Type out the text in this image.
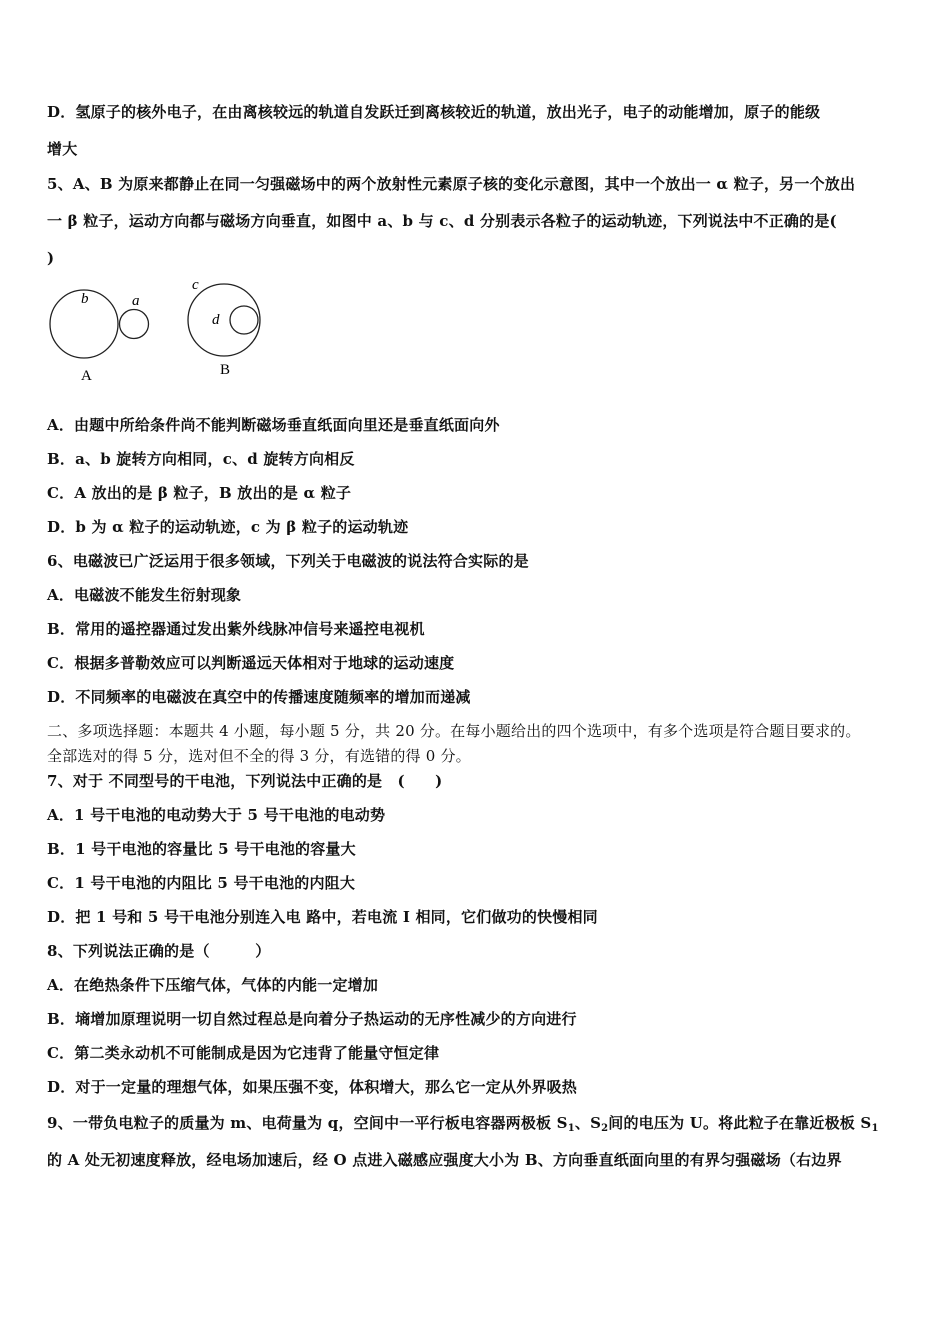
D．氢原子的核外电子，在由离核较远的轨道自发跃迁到离核较近的轨道，放出光子，电子的动能增加，原子的能级
增大
5、A、B 为原来都静止在同一匀强磁场中的两个放射性元素原子核的变化示意图，其中一个放出一 α 粒子，另一个放出
一 β 粒子，运动方向都与磁场方向垂直，如图中 a、b 与 c、d 分别表示各粒子的运动轨迹，下列说法中不正确的是(
)
b	a
c
d
A	B
A．由题中所给条件尚不能判断磁场垂直纸面向里还是垂直纸面向外
B．a、b 旋转方向相同，c、d 旋转方向相反
C．A 放出的是 β 粒子，B 放出的是 α 粒子
D．b 为 α 粒子的运动轨迹，c 为 β 粒子的运动轨迹
6、电磁波已广泛运用于很多领域，下列关于电磁波的说法符合实际的是
A．电磁波不能发生衍射现象
B．常用的遥控器通过发出紫外线脉冲信号来遥控电视机
C．根据多普勒效应可以判断遥远天体相对于地球的运动速度
D．不同频率的电磁波在真空中的传播速度随频率的增加而递减
二、多项选择题：本题共 4 小题，每小题 5 分，共 20 分。在每小题给出的四个选项中，有多个选项是符合题目要求的。
全部选对的得 5 分，选对但不全的得 3 分，有选错的得 0 分。
7、对于 不同型号的干电池，下列说法中正确的是　(　　)
A．1 号干电池的电动势大于 5 号干电池的电动势
B．1 号干电池的容量比 5 号干电池的容量大
C．1 号干电池的内阻比 5 号干电池的内阻大
D．把 1 号和 5 号干电池分别连入电 路中，若电流 I 相同，它们做功的快慢相同
8、下列说法正确的是（　　　）
A．在绝热条件下压缩气体，气体的内能一定增加
B．墒增加原理说明一切自然过程总是向着分子热运动的无序性减少的方向进行
C．第二类永动机不可能制成是因为它违背了能量守恒定律
D．对于一定量的理想气体，如果压强不变，体积增大，那么它一定从外界吸热
9、一带负电粒子的质量为 m、电荷量为 q，空间中一平行板电容器两极板 $S_1$、$S_2$间的电压为 U。将此粒子在靠近极板 $S_1$
的 A 处无初速度释放，经电场加速后，经 O 点进入磁感应强度大小为 B、方向垂直纸面向里的有界匀强磁场（右边界
